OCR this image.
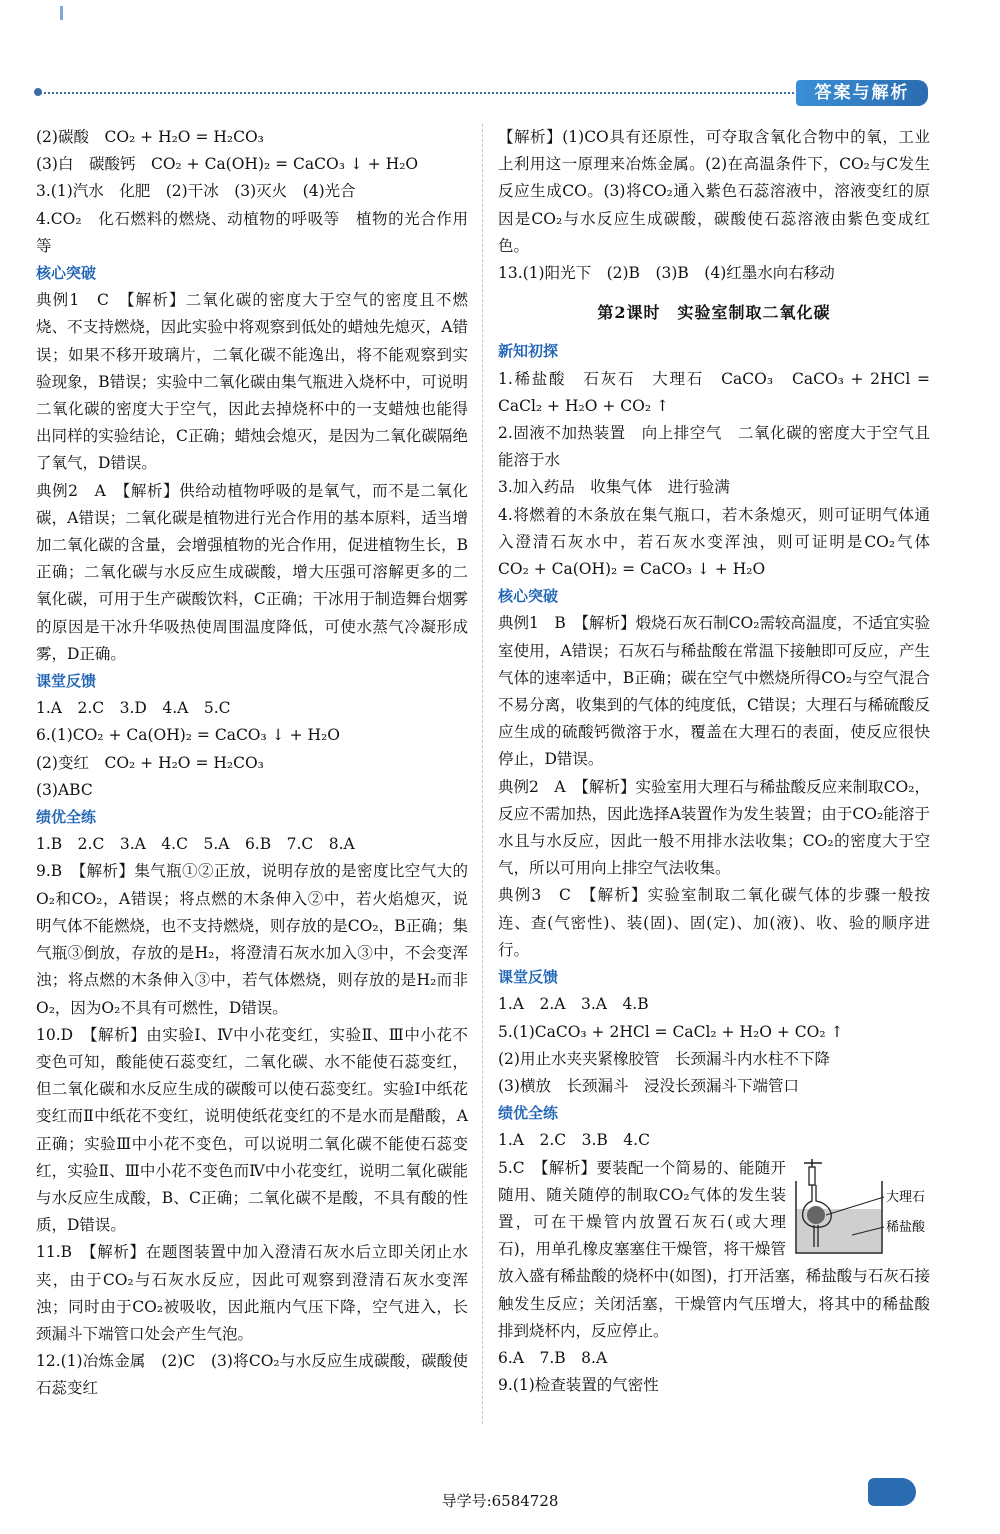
答案与解析

(2)碳酸　CO₂ + H₂O = H₂CO₃

(3)白　碳酸钙　CO₂ + Ca(OH)₂ = CaCO₃ ↓ + H₂O

3.(1)汽水　化肥　(2)干冰　(3)灭火　(4)光合

4.CO₂　化石燃料的燃烧、动植物的呼吸等　植物的光合作用等

核心突破

典例1　C　【解析】二氧化碳的密度大于空气的密度且不燃烧、不支持燃烧，因此实验中将观察到低处的蜡烛先熄灭，A错误；如果不移开玻璃片，二氧化碳不能逸出，将不能观察到实验现象，B错误；实验中二氧化碳由集气瓶进入烧杯中，可说明二氧化碳的密度大于空气，因此去掉烧杯中的一支蜡烛也能得出同样的实验结论，C正确；蜡烛会熄灭，是因为二氧化碳隔绝了氧气，D错误。

典例2　A　【解析】供给动植物呼吸的是氧气，而不是二氧化碳，A错误；二氧化碳是植物进行光合作用的基本原料，适当增加二氧化碳的含量，会增强植物的光合作用，促进植物生长，B正确；二氧化碳与水反应生成碳酸，增大压强可溶解更多的二氧化碳，可用于生产碳酸饮料，C正确；干冰用于制造舞台烟雾的原因是干冰升华吸热使周围温度降低，可使水蒸气冷凝形成雾，D正确。

课堂反馈

1.A　2.C　3.D　4.A　5.C

6.(1)CO₂ + Ca(OH)₂ = CaCO₃ ↓ + H₂O

(2)变红　CO₂ + H₂O = H₂CO₃

(3)ABC

绩优全练

1.B　2.C　3.A　4.C　5.A　6.B　7.C　8.A

9.B　【解析】集气瓶①②正放，说明存放的是密度比空气大的O₂和CO₂，A错误；将点燃的木条伸入②中，若火焰熄灭，说明气体不能燃烧，也不支持燃烧，则存放的是CO₂，B正确；集气瓶③倒放，存放的是H₂，将澄清石灰水加入③中，不会变浑浊；将点燃的木条伸入③中，若气体燃烧，则存放的是H₂而非O₂，因为O₂不具有可燃性，D错误。

10.D　【解析】由实验Ⅰ、Ⅳ中小花变红，实验Ⅱ、Ⅲ中小花不变色可知，酸能使石蕊变红，二氧化碳、水不能使石蕊变红，但二氧化碳和水反应生成的碳酸可以使石蕊变红。实验Ⅰ中纸花变红而Ⅱ中纸花不变红，说明使纸花变红的不是水而是醋酸，A正确；实验Ⅲ中小花不变色，可以说明二氧化碳不能使石蕊变红，实验Ⅱ、Ⅲ中小花不变色而Ⅳ中小花变红，说明二氧化碳能与水反应生成酸，B、C正确；二氧化碳不是酸，不具有酸的性质，D错误。

11.B　【解析】在题图装置中加入澄清石灰水后立即关闭止水夹，由于CO₂与石灰水反应，因此可观察到澄清石灰水变浑浊；同时由于CO₂被吸收，因此瓶内气压下降，空气进入，长颈漏斗下端管口处会产生气泡。

12.(1)冶炼金属　(2)C　(3)将CO₂与水反应生成碳酸，碳酸使石蕊变红

【解析】(1)CO具有还原性，可夺取含氧化合物中的氧，工业上利用这一原理来冶炼金属。(2)在高温条件下，CO₂与C发生反应生成CO。(3)将CO₂通入紫色石蕊溶液中，溶液变红的原因是CO₂与水反应生成碳酸，碳酸使石蕊溶液由紫色变成红色。

13.(1)阳光下　(2)B　(3)B　(4)红墨水向右移动

第2课时　实验室制取二氧化碳
新知初探

1.稀盐酸　石灰石　大理石　CaCO₃　CaCO₃ + 2HCl = CaCl₂ + H₂O + CO₂ ↑

2.固液不加热装置　向上排空气　二氧化碳的密度大于空气且能溶于水

3.加入药品　收集气体　进行验满

4.将燃着的木条放在集气瓶口，若木条熄灭，则可证明气体通入澄清石灰水中，若石灰水变浑浊，则可证明是CO₂气体　CO₂ + Ca(OH)₂ = CaCO₃ ↓ + H₂O

核心突破

典例1　B　【解析】煅烧石灰石制CO₂需较高温度，不适宜实验室使用，A错误；石灰石与稀盐酸在常温下接触即可反应，产生气体的速率适中，B正确；碳在空气中燃烧所得CO₂与空气混合不易分离，收集到的气体的纯度低，C错误；大理石与稀硫酸反应生成的硫酸钙微溶于水，覆盖在大理石的表面，使反应很快停止，D错误。

典例2　A　【解析】实验室用大理石与稀盐酸反应来制取CO₂，反应不需加热，因此选择A装置作为发生装置；由于CO₂能溶于水且与水反应，因此一般不用排水法收集；CO₂的密度大于空气，所以可用向上排空气法收集。

典例3　C　【解析】实验室制取二氧化碳气体的步骤一般按连、查(气密性)、装(固)、固(定)、加(液)、收、验的顺序进行。

课堂反馈

1.A　2.A　3.A　4.B

5.(1)CaCO₃ + 2HCl = CaCl₂ + H₂O + CO₂ ↑

(2)用止水夹夹紧橡胶管　长颈漏斗内水柱不下降

(3)横放　长颈漏斗　浸没长颈漏斗下端管口

绩优全练

1.A　2.C　3.B　4.C

大理石
稀盐酸

5.C　【解析】要装配一个简易的、能随开随用、随关随停的制取CO₂气体的发生装置，可在干燥管内放置石灰石(或大理石)，用单孔橡皮塞塞住干燥管，将干燥管放入盛有稀盐酸的烧杯中(如图)，打开活塞，稀盐酸与石灰石接触发生反应；关闭活塞，干燥管内气压增大，将其中的稀盐酸排到烧杯内，反应停止。

6.A　7.B　8.A

9.(1)检查装置的气密性

导学号:6584728
